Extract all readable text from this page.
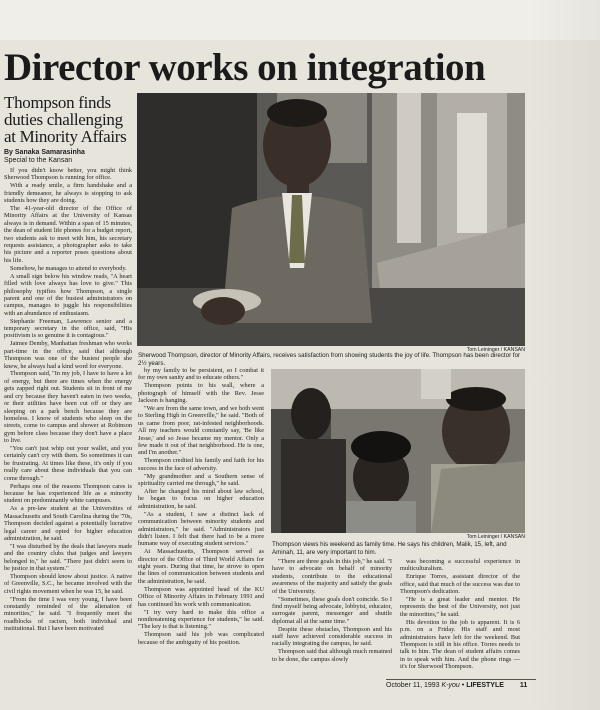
Director works on integration
Thompson finds duties challenging at Minority Affairs
By Sanaka Samarasinha
Special to the Kansan

If you didn't know better, you might think Sherwood Thompson is running for office.

With a ready smile, a firm handshake and a friendly demeanor, he always is stopping to ask students how they are doing.

The 41-year-old director of the Office of Minority Affairs at the University of Kansas always is in demand. Within a span of 15 minutes, the dean of student life phones for a budget report, two students ask to meet with him, his secretary requests assistance, a photographer asks to take his picture and a reporter poses questions about his life.

Somehow, he manages to attend to everybody.

A small sign below his window reads, "A heart filled with love always has love to give." This philosophy typifies how Thompson, a single parent and one of the busiest administrators on campus, manages to juggle his responsibilities with an abundance of enthusiasm.

Stephanie Freeman, Lawrence senior and a temporary secretary in the office, said, "His positivism is so genuine it is contagious."

Jaimee Demby, Manhattan freshman who works part-time in the office, said that although Thompson was one of the busiest people she knew, he always had a kind word for everyone.

Thompson said, "In my job, I have to have a lot of energy, but there are times when the energy gets zapped right out. Students sit in front of me and cry because they haven't eaten in two weeks, or their utilities have been cut off or they are sleeping on a park bench because they are homeless. I know of students who sleep on the streets, come to campus and shower at Robinson gym before class because they don't have a place to live.

"You can't just whip out your wallet, and you certainly can't cry with them. So sometimes it can be frustrating. At times like these, it's only if you really care about these individuals that you can come through."

Perhaps one of the reasons Thompson cares is because he has experienced life as a minority student on predominantly white campuses.

As a pre-law student at the Universities of Massachusetts and South Carolina during the '70s, Thompson decided against a potentially lucrative legal career and opted for higher education administration, he said.

"I was disturbed by the deals that lawyers made and the country clubs that judges and lawyers belonged to," he said. "There just didn't seem to be justice in that system."

Thompson should know about justice. A native of Greenville, S.C., he became involved with the civil rights movement when he was 15, he said.

"From the time I was very young, I have been constantly reminded of the alienation of minorities," he said. "I frequently meet the roadblocks of racism, both individual and institutional. But I have been motivated

Tom Leininger / KANSAN
Sherwood Thompson, director of Minority Affairs, receives satisfaction from showing students the joy of life. Thompson has been director for 2½ years.

by my family to be persistent, so I combat it for my own sanity and to educate others."

Thompson points to his wall, where a photograph of himself with the Rev. Jesse Jackson is hanging.

"We are from the same town, and we both went to Sterling High in Greenville," he said. "Both of us came from poor, rat-infested neighborhoods. All my teachers would constantly say, 'Be like Jesse,' and so Jesse became my mentor. Only a few made it out of that neighborhood. He is one, and I'm another."

Thompson credited his family and faith for his success in the face of adversity.

"My grandmother and a Southern sense of spirituality carried me through," he said.

After he changed his mind about law school, he began to focus on higher education administration, he said.

"As a student, I saw a distinct lack of communication between minority students and administrators," he said. "Administrators just didn't listen. I felt that there had to be a more humane way of executing student services."

At Massachusetts, Thompson served as director of the Office of Third World Affairs for eight years. During that time, he strove to open the lines of communication between students and the administration, he said.

Thompson was appointed head of the KU Office of Minority Affairs in February 1991 and has continued his work with communication.

"I try very hard to make this office a nonthreatening experience for students," he said. "The key is that is listening."

Thompson said his job was complicated because of the ambiguity of his position.

Tom Leininger / KANSAN
Thompson views his weekend as family time. He says his children, Malik, 15, left, and Aminah, 11, are very important to him.

"There are three goals in this job," he said. "I have to advocate on behalf of minority students, contribute to the educational awareness of the majority and satisfy the goals of the University.

"Sometimes, these goals don't coincide. So I find myself being advocate, lobbyist, educator, surrogate parent, messenger and shuttle diplomat all at the same time."

Despite these obstacles, Thompson and his staff have achieved considerable success in racially integrating the campus, he said.

Thompson said that although much remained to be done, the campus slowly

was becoming a successful experience in multiculturalism.

Enrique Torres, assistant director of the office, said that much of the success was due to Thompson's dedication.

"He is a great leader and mentor. He represents the best of the University, not just the minorities," he said.

His devotion to the job is apparent. It is 6 p.m. on a Friday. His staff and most administrators have left for the weekend. But Thompson is still in his office. Torres needs to talk to him. The dean of student affairs comes in to speak with him. And the phone rings — it's for Sherwood Thompson.

October 11, 1993 K-you • LIFESTYLE 11
